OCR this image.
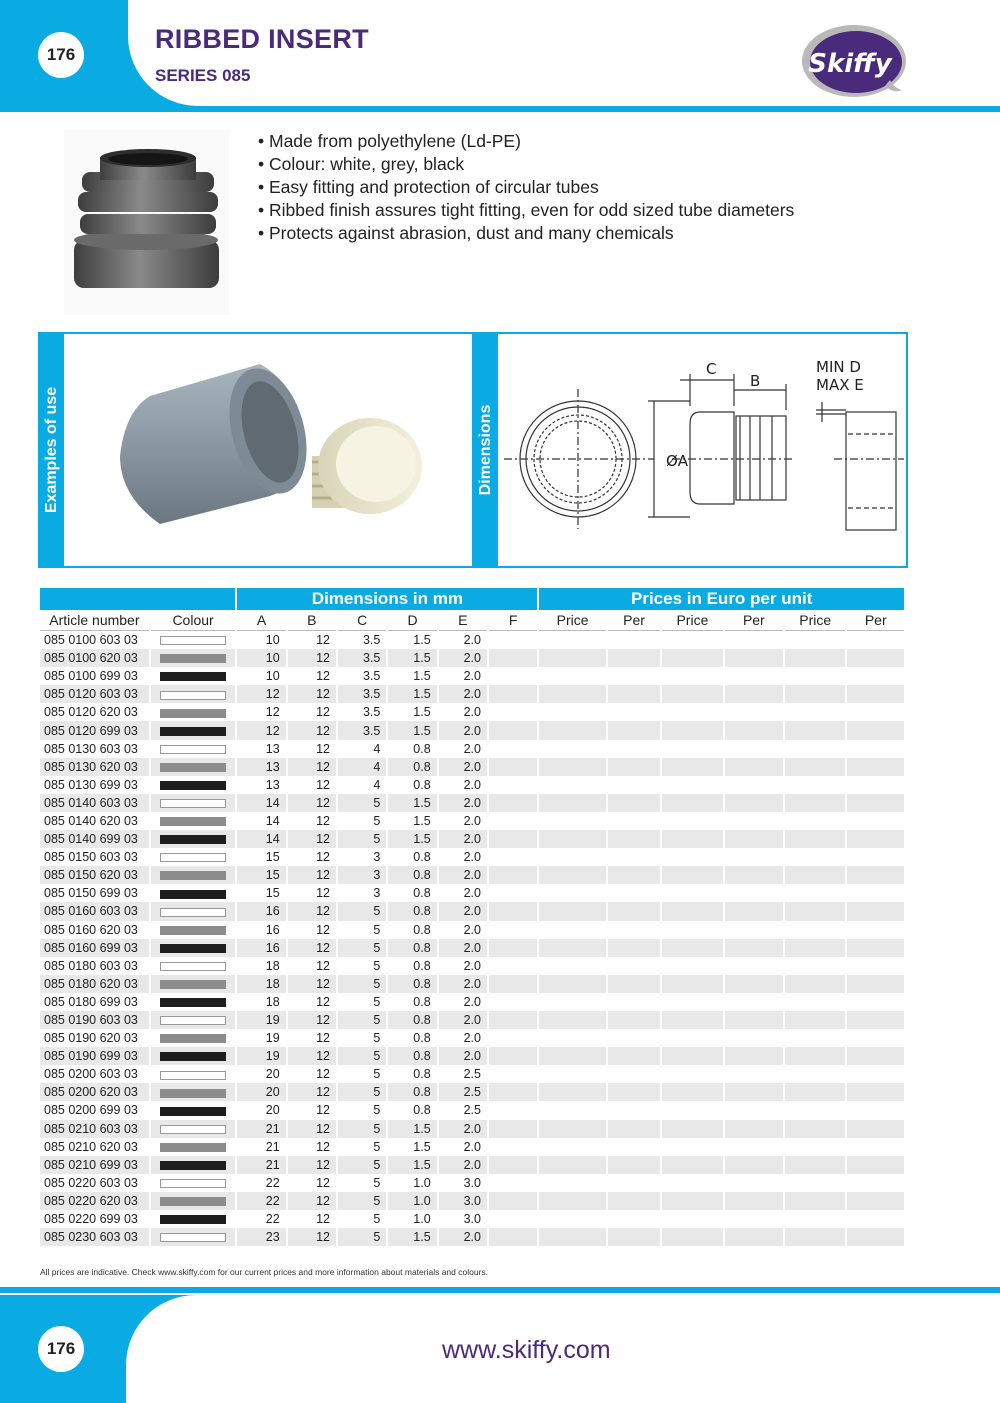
176
RIBBED INSERT
SERIES 085	Skiffy
• Made from polyethylene (Ld-PE)
• Colour: white, grey, black
• Easy fitting and protection of circular tubes
• Ribbed finish assures tight fitting, even for odd sized tube diameters
• Protects against abrasion, dust and many chemicals
Examples of use	Dimensions	ØA
C
B
MIN D
MAX E
		Dimensions in mm						Prices in Euro per unit					
Article number	Colour	A	B	C	D	E	F	Price	Per	Price	Per	Price	Per
085 0100 603 03		10	12	3.5	1.5	2.0							
085 0100 620 03		10	12	3.5	1.5	2.0							
085 0100 699 03		10	12	3.5	1.5	2.0							
085 0120 603 03		12	12	3.5	1.5	2.0							
085 0120 620 03		12	12	3.5	1.5	2.0							
085 0120 699 03		12	12	3.5	1.5	2.0							
085 0130 603 03		13	12	4	0.8	2.0							
085 0130 620 03		13	12	4	0.8	2.0							
085 0130 699 03		13	12	4	0.8	2.0							
085 0140 603 03		14	12	5	1.5	2.0							
085 0140 620 03		14	12	5	1.5	2.0							
085 0140 699 03		14	12	5	1.5	2.0							
085 0150 603 03		15	12	3	0.8	2.0							
085 0150 620 03		15	12	3	0.8	2.0							
085 0150 699 03		15	12	3	0.8	2.0							
085 0160 603 03		16	12	5	0.8	2.0							
085 0160 620 03		16	12	5	0.8	2.0							
085 0160 699 03		16	12	5	0.8	2.0							
085 0180 603 03		18	12	5	0.8	2.0							
085 0180 620 03		18	12	5	0.8	2.0							
085 0180 699 03		18	12	5	0.8	2.0							
085 0190 603 03		19	12	5	0.8	2.0							
085 0190 620 03		19	12	5	0.8	2.0							
085 0190 699 03		19	12	5	0.8	2.0							
085 0200 603 03		20	12	5	0.8	2.5							
085 0200 620 03		20	12	5	0.8	2.5							
085 0200 699 03		20	12	5	0.8	2.5							
085 0210 603 03		21	12	5	1.5	2.0							
085 0210 620 03		21	12	5	1.5	2.0							
085 0210 699 03		21	12	5	1.5	2.0							
085 0220 603 03		22	12	5	1.0	3.0							
085 0220 620 03		22	12	5	1.0	3.0							
085 0220 699 03		22	12	5	1.0	3.0							
085 0230 603 03		23	12	5	1.5	2.0							
All prices are indicative. Check www.skiffy.com for our current prices and more information about materials and colours.
176	www.skiffy.com
